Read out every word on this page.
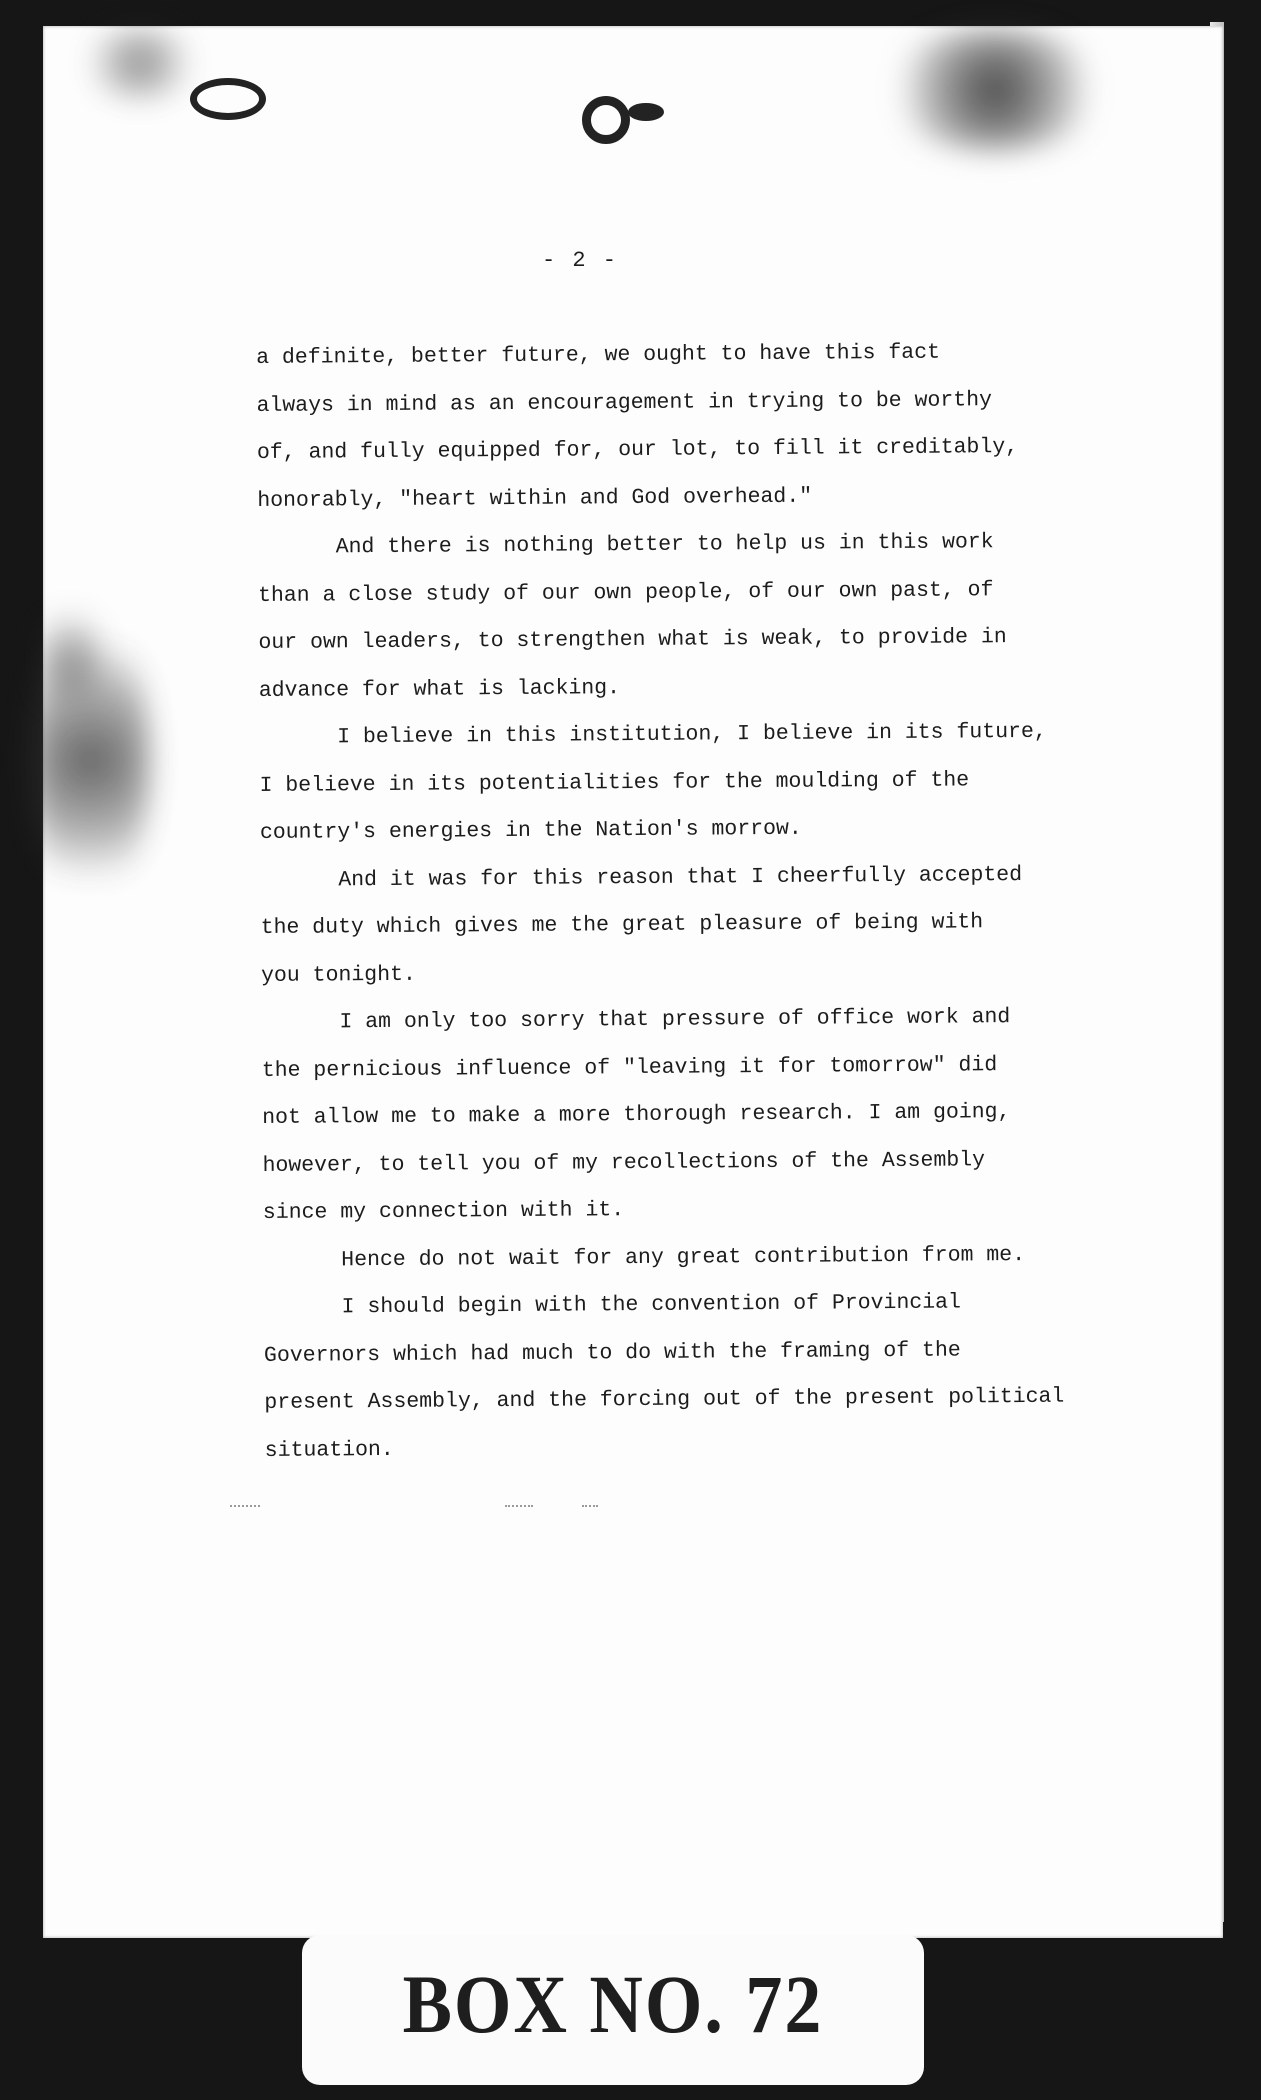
- 2 -
a definite, better future, we ought to have this fact
always in mind as an encouragement in trying to be worthy
of, and fully equipped for, our lot, to fill it creditably,
honorably, "heart within and God overhead."
And there is nothing better to help us in this work
than a close study of our own people, of our own past, of
our own leaders, to strengthen what is weak, to provide in
advance for what is lacking.
I believe in this institution, I believe in its future,
I believe in its potentialities for the moulding of the
country's energies in the Nation's morrow.
And it was for this reason that I cheerfully accepted
the duty which gives me the great pleasure of being with
you tonight.
I am only too sorry that pressure of office work and
the pernicious influence of "leaving it for tomorrow" did
not allow me to make a more thorough research. I am going,
however, to tell you of my recollections of the Assembly
since my connection with it.
Hence do not wait for any great contribution from me.
I should begin with the convention of Provincial
Governors which had much to do with the framing of the
present Assembly, and the forcing out of the present political
situation.
BOX NO. 72
